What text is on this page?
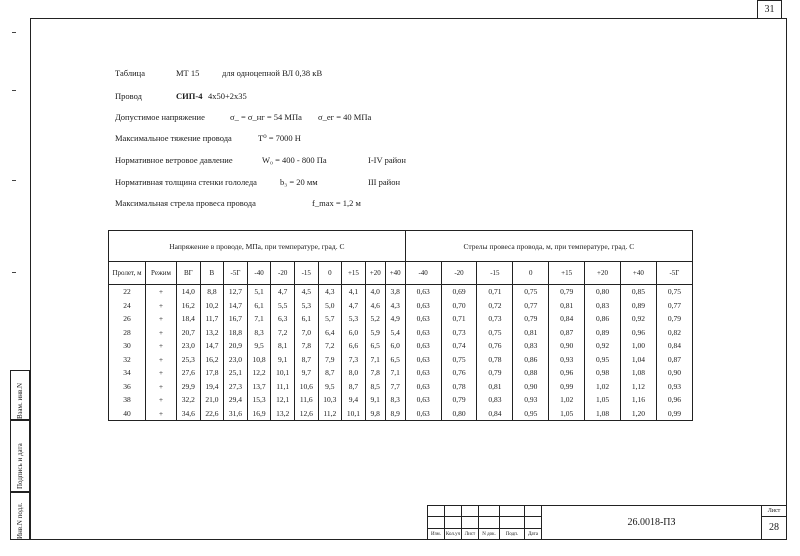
31
Взам. инв.N
Подпись и дата
Инв.N подл.
Таблица	МТ 15	для одноцепной ВЛ 0,38 кВ
Провод	СИП-4 4х50+2х35
Допустимое напряжение	σ_ = σ_нг = 54 МПа σ_ег = 40 МПа
Максимальное тяжение провода	Т⁰ = 7000 Н
Нормативное ветровое давление	W₀ = 400 - 800 Па	I-IV район
Нормативная толщина стенки гололеда	b₃ = 20 мм	III район
Максимальная стрела провеса провода	f_max = 1,2 м
Напряжение в проводе, МПа, при температуре, град. С												Стрелы провеса провода, м, при температуре, град. С							
Пролет, м	Режим	ВГ	В	-5Г	-40	-20	-15	0	+15	+20	+40	-40	-20	-15	0	+15	+20	+40	-5Г
22	+	14,0	8,8	12,7	5,1	4,7	4,5	4,3	4,1	4,0	3,8	0,63	0,69	0,71	0,75	0,79	0,80	0,85	0,75
24	+	16,2	10,2	14,7	6,1	5,5	5,3	5,0	4,7	4,6	4,3	0,63	0,70	0,72	0,77	0,81	0,83	0,89	0,77
26	+	18,4	11,7	16,7	7,1	6,3	6,1	5,7	5,3	5,2	4,9	0,63	0,71	0,73	0,79	0,84	0,86	0,92	0,79
28	+	20,7	13,2	18,8	8,3	7,2	7,0	6,4	6,0	5,9	5,4	0,63	0,73	0,75	0,81	0,87	0,89	0,96	0,82
30	+	23,0	14,7	20,9	9,5	8,1	7,8	7,2	6,6	6,5	6,0	0,63	0,74	0,76	0,83	0,90	0,92	1,00	0,84
32	+	25,3	16,2	23,0	10,8	9,1	8,7	7,9	7,3	7,1	6,5	0,63	0,75	0,78	0,86	0,93	0,95	1,04	0,87
34	+	27,6	17,8	25,1	12,2	10,1	9,7	8,7	8,0	7,8	7,1	0,63	0,76	0,79	0,88	0,96	0,98	1,08	0,90
36	+	29,9	19,4	27,3	13,7	11,1	10,6	9,5	8,7	8,5	7,7	0,63	0,78	0,81	0,90	0,99	1,02	1,12	0,93
38	+	32,2	21,0	29,4	15,3	12,1	11,6	10,3	9,4	9,1	8,3	0,63	0,79	0,83	0,93	1,02	1,05	1,16	0,96
40	+	34,6	22,6	31,6	16,9	13,2	12,6	11,2	10,1	9,8	8,9	0,63	0,80	0,84	0,95	1,05	1,08	1,20	0,99
						26.0018-ПЗ	Лист
							28
Изм.	Кол.уч	Лист	N док.	Подп.	Дата		
